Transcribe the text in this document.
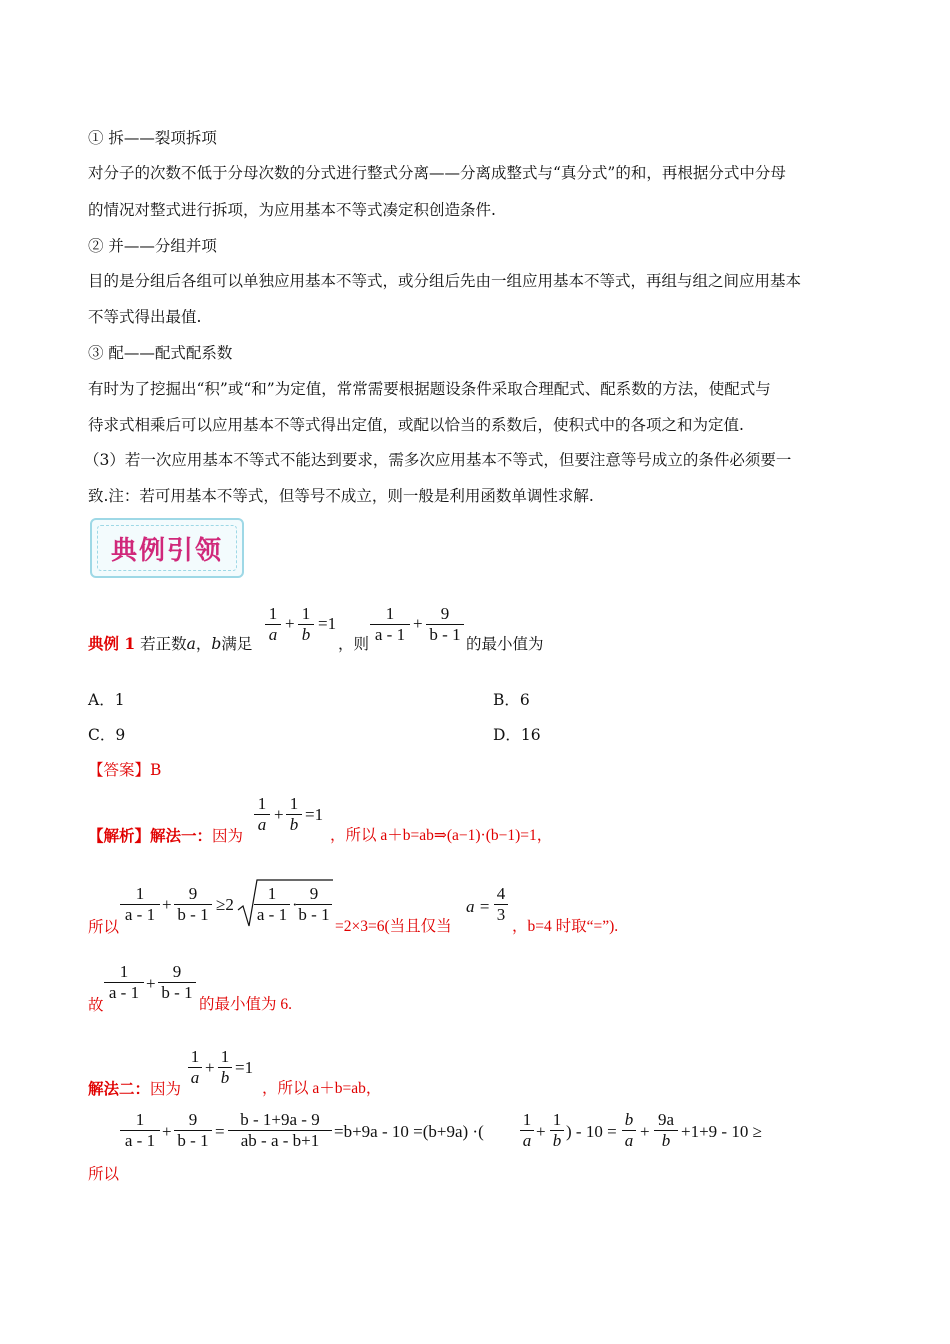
① 拆——裂项拆项
对分子的次数不低于分母次数的分式进行整式分离——分离成整式与“真分式”的和，再根据分式中分母
的情况对整式进行拆项，为应用基本不等式凑定积创造条件.
② 并——分组并项
目的是分组后各组可以单独应用基本不等式，或分组后先由一组应用基本不等式，再组与组之间应用基本
不等式得出最值.
③ 配——配式配系数
有时为了挖掘出“积”或“和”为定值，常常需要根据题设条件采取合理配式、配系数的方法，使配式与
待求式相乘后可以应用基本不等式得出定值，或配以恰当的系数后，使积式中的各项之和为定值.
（3）若一次应用基本不等式不能达到要求，需多次应用基本不等式，但要注意等号成立的条件必须要一
致.注：若可用基本不等式，但等号不成立，则一般是利用函数单调性求解.
典例引领
典例 1 若正数a，b满足 $\frac{1}{a} + \frac{1}{b} =1$
，则 $\frac{1}{a - 1} + \frac{9}{b - 1}$ 的最小值为
A．1	B．6
C．9	D．16
【答案】B
【解析】解法一：因为
$\frac{1}{a} + \frac{1}{b} =1$
，所以 a＋b=ab⇒(a−1)·(b−1)=1，
所以
$\frac{1}{a - 1} + \frac{9}{b - 1} \ge 2 \frac{1}{a - 1}$ ·
$\frac{9}{b - 1}$
=2×3=6(当且仅当
$a = \frac{4}{3}$
，b=4 时取“=”).
故
$\frac{1}{a - 1} + \frac{9}{b - 1}$
的最小值为 6.
解法二：因为
$\frac{1}{a} + \frac{1}{b} =1$
，所以 a＋b=ab，
$\frac{1}{a - 1} + \frac{9}{b - 1} = \frac{b - 1+9a - 9}{ab - a - b+1} =b+9a - 10 =(b+9a)$ ·( $\frac{1}{a} + \frac{1}{b}$ ) - $10 = \frac{b}{a} + \frac{9a}{b} +1+9 - 10$ ≥
所以
